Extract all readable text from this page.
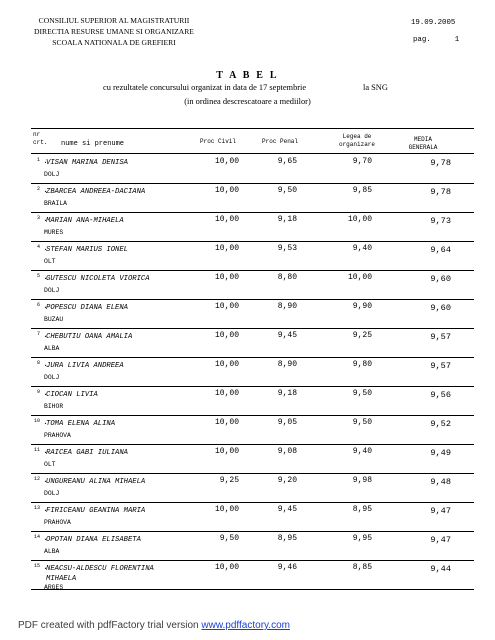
CONSILIUL SUPERIOR AL MAGISTRATURII
DIRECTIA RESURSE UMANE SI ORGANIZARE
SCOALA NATIONALA DE GREFIERI
19.09.2005
pag.	1
T A B E L
cu rezultatele concursului organizat in data de 17 septembrie	la SNG
(in ordinea descrescatoare a mediilor)
nr
crt. nume si prenume	Proc Civil	Proc Penal
Legea de
organizare
MEDIA
GENERALA
1 .
VISAN MARINA DENISA
DOLJ
10,00	9,65	9,70	9,78
2 .
ZBARCEA ANDREEA-DACIANA
BRAILA
10,00	9,50	9,85	9,78
3 .
MARIAN ANA-MIHAELA
MURES
10,00	9,18	10,00	9,73
4 .
STEFAN MARIUS IONEL
OLT
10,00	9,53	9,40	9,64
5 .
GUTESCU NICOLETA VIORICA
DOLJ
10,00	8,80	10,00	9,60
6 .
POPESCU DIANA ELENA
BUZAU
10,00	8,90	9,90	9,60
7 .
CHEBUTIU OANA AMALIA
ALBA
10,00	9,45	9,25	9,57
8 .
JURA LIVIA ANDREEA
DOLJ
10,00	8,90	9,80	9,57
9 .
CIOCAN LIVIA
BIHOR
10,00	9,18	9,50	9,56
10 .
TOMA ELENA ALINA
PRAHOVA
10,00	9,05	9,50	9,52
11 .
RAICEA GABI IULIANA
OLT
10,00	9,08	9,40	9,49
12 .
UNGUREANU ALINA MIHAELA
DOLJ
9,25	9,20	9,98	9,48
13 .
FIRICEANU GEANINA MARIA
PRAHOVA
10,00	9,45	8,95	9,47
14 .
OPOTAN DIANA ELISABETA
ALBA
9,50	8,95	9,95	9,47
15 .
NEACSU-ALDESCU FLORENTINA MIHAELA
ARGES
10,00	9,46	8,85	9,44
PDF created with pdfFactory trial version www.pdffactory.com
